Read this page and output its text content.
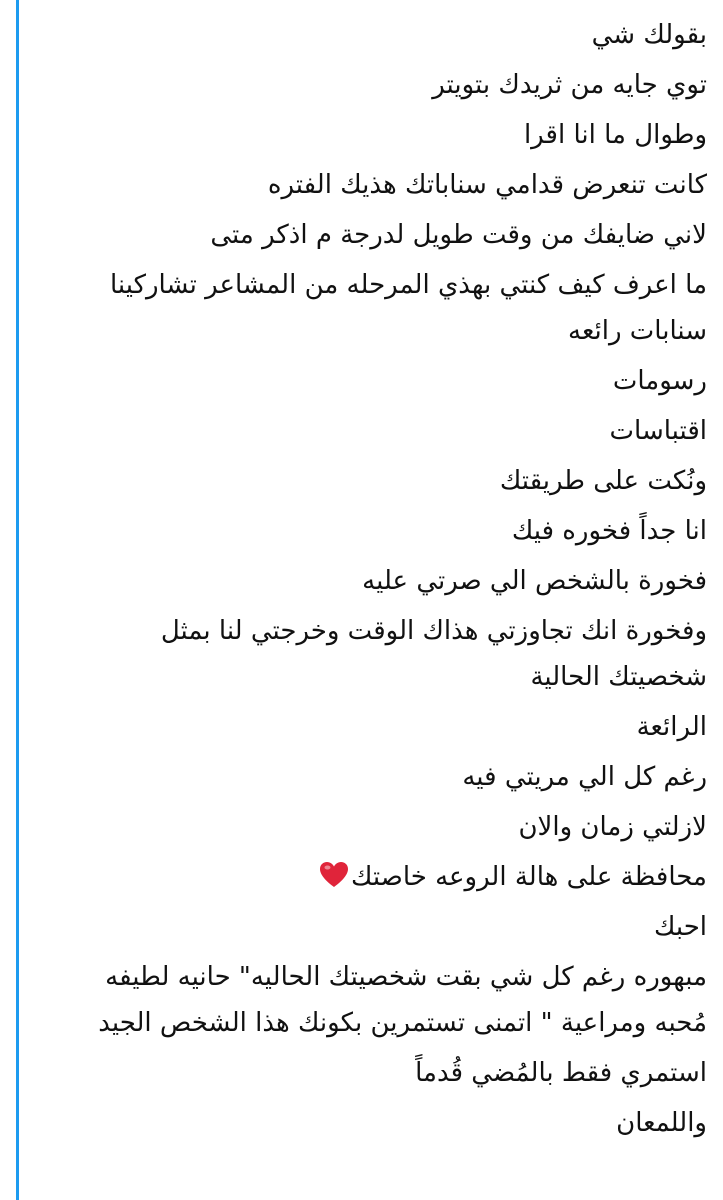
بقولك شي
توي جايه من ثريدك بتويتر
وطوال ما انا اقرا
كانت تنعرض قدامي سناباتك هذيك الفتره
لاني ضايفك من وقت طويل لدرجة م اذكر متى
ما اعرف كيف كنتي بهذي المرحله من المشاعر تشاركينا
سنابات رائعه
رسومات
اقتباسات
ونُكت على طريقتك
انا جداً فخوره فيك
فخورة بالشخص الي صرتي عليه
وفخورة انك تجاوزتي هذاك الوقت وخرجتي لنا بمثل
شخصيتك الحالية
الرائعة
رغم كل الي مريتي فيه
لازلتي زمان والان
محافظة على هالة الروعه خاصتك
احبك
مبهوره رغم كل شي بقت شخصيتك الحاليه" حانيه لطيفه
مُحبه ومراعية " اتمنى تستمرين بكونك هذا الشخص الجيد
استمري فقط بالمُضي قُدماً
واللمعان
